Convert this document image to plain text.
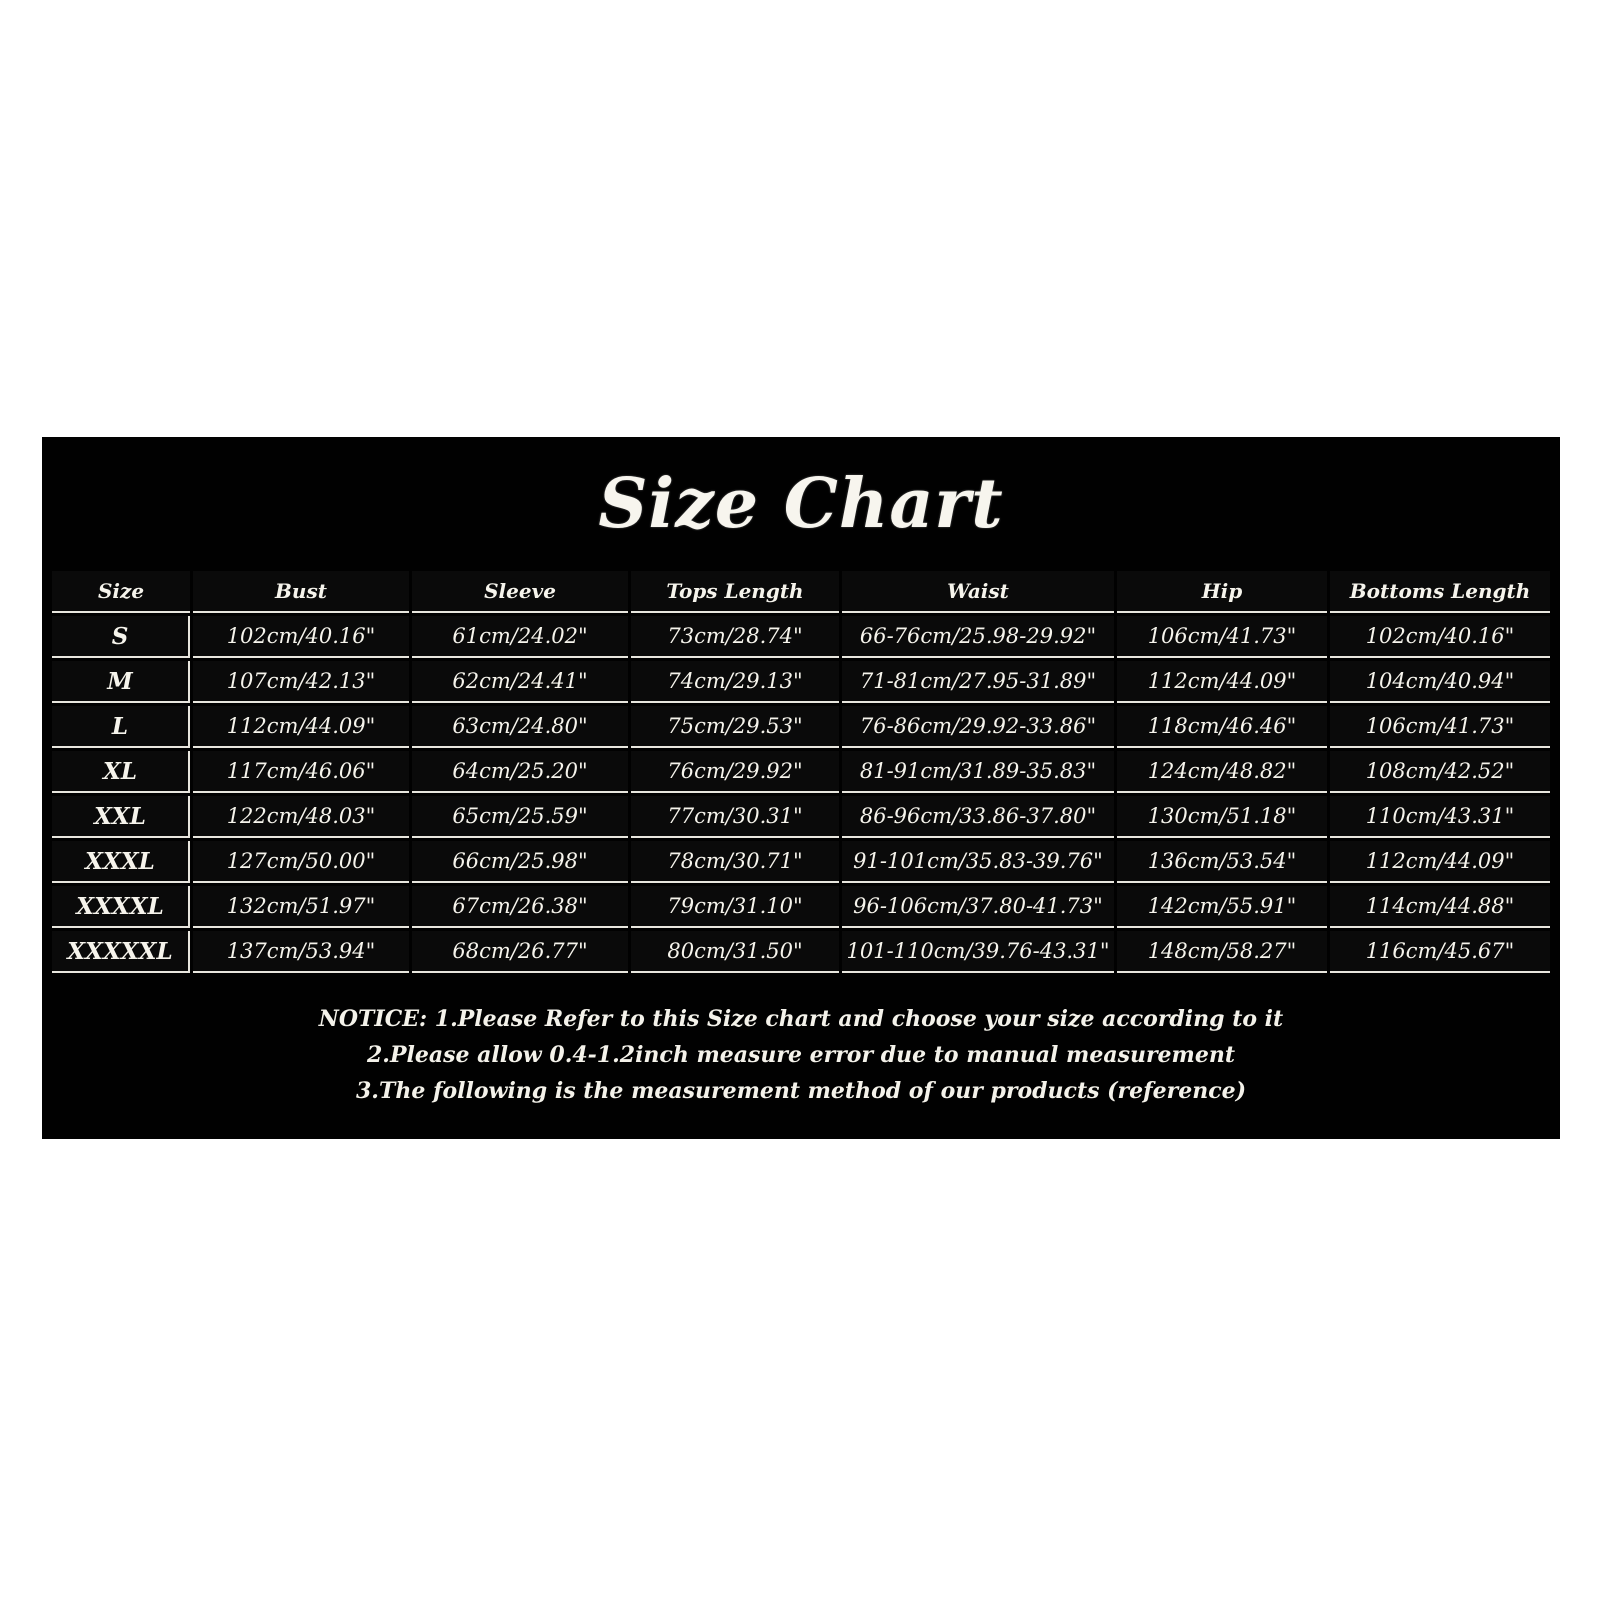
Size Chart
Size	Bust	Sleeve	Tops Length	Waist	Hip	Bottoms Length
S	102cm/40.16"	61cm/24.02"	73cm/28.74"	66-76cm/25.98-29.92"	106cm/41.73"	102cm/40.16"
M	107cm/42.13"	62cm/24.41"	74cm/29.13"	71-81cm/27.95-31.89"	112cm/44.09"	104cm/40.94"
L	112cm/44.09"	63cm/24.80"	75cm/29.53"	76-86cm/29.92-33.86"	118cm/46.46"	106cm/41.73"
XL	117cm/46.06"	64cm/25.20"	76cm/29.92"	81-91cm/31.89-35.83"	124cm/48.82"	108cm/42.52"
XXL	122cm/48.03"	65cm/25.59"	77cm/30.31"	86-96cm/33.86-37.80"	130cm/51.18"	110cm/43.31"
XXXL	127cm/50.00"	66cm/25.98"	78cm/30.71"	91-101cm/35.83-39.76"	136cm/53.54"	112cm/44.09"
XXXXL	132cm/51.97"	67cm/26.38"	79cm/31.10"	96-106cm/37.80-41.73"	142cm/55.91"	114cm/44.88"
XXXXXL	137cm/53.94"	68cm/26.77"	80cm/31.50"	101-110cm/39.76-43.31"	148cm/58.27"	116cm/45.67"
NOTICE: 1.Please Refer to this Size chart and choose your size according to it
2.Please allow 0.4-1.2inch measure error due to manual measurement
3.The following is the measurement method of our products (reference)
